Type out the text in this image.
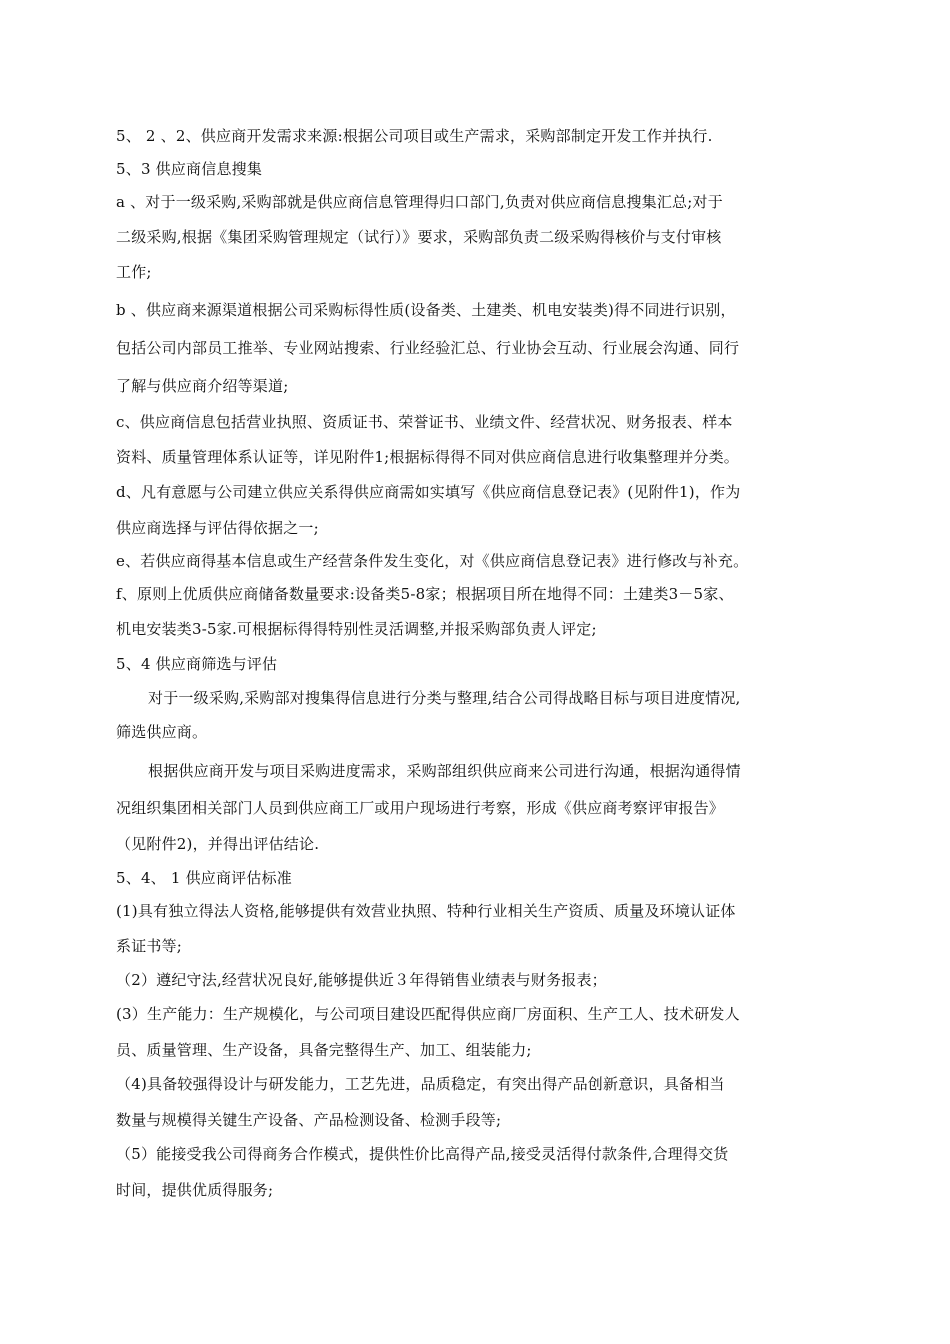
5、 2 、2、供应商开发需求来源:根据公司项目或生产需求，采购部制定开发工作并执行.
5、3 供应商信息搜集
a 、对于一级采购,采购部就是供应商信息管理得归口部门,负责对供应商信息搜集汇总;对于
二级采购,根据《集团采购管理规定（试行）》要求，采购部负责二级采购得核价与支付审核
工作;
b 、供应商来源渠道根据公司采购标得性质(设备类、土建类、机电安装类)得不同进行识别，
包括公司内部员工推举、专业网站搜索、行业经验汇总、行业协会互动、行业展会沟通、同行
了解与供应商介绍等渠道;
c、供应商信息包括营业执照、资质证书、荣誉证书、业绩文件、经营状况、财务报表、样本
资料、质量管理体系认证等，详见附件1;根据标得得不同对供应商信息进行收集整理并分类。
d、凡有意愿与公司建立供应关系得供应商需如实填写《供应商信息登记表》(见附件1)，作为
供应商选择与评估得依据之一;
e、若供应商得基本信息或生产经营条件发生变化，对《供应商信息登记表》进行修改与补充。
f、原则上优质供应商储备数量要求:设备类5-8家；根据项目所在地得不同：土建类3－5家、
机电安装类3-5家.可根据标得得特别性灵活调整,并报采购部负责人评定;
5、4 供应商筛选与评估
对于一级采购,采购部对搜集得信息进行分类与整理,结合公司得战略目标与项目进度情况,
筛选供应商。
根据供应商开发与项目采购进度需求，采购部组织供应商来公司进行沟通，根据沟通得情
况组织集团相关部门人员到供应商工厂或用户现场进行考察，形成《供应商考察评审报告》
（见附件2)，并得出评估结论.
5、4、 1 供应商评估标准
(1)具有独立得法人资格,能够提供有效营业执照、特种行业相关生产资质、质量及环境认证体
系证书等;
（2）遵纪守法,经营状况良好,能够提供近３年得销售业绩表与财务报表；
(3）生产能力：生产规模化，与公司项目建设匹配得供应商厂房面积、生产工人、技术研发人
员、质量管理、生产设备，具备完整得生产、加工、组装能力;
（4)具备较强得设计与研发能力，工艺先进，品质稳定，有突出得产品创新意识，具备相当
数量与规模得关键生产设备、产品检测设备、检测手段等;
（5）能接受我公司得商务合作模式，提供性价比高得产品,接受灵活得付款条件,合理得交货
时间，提供优质得服务;
